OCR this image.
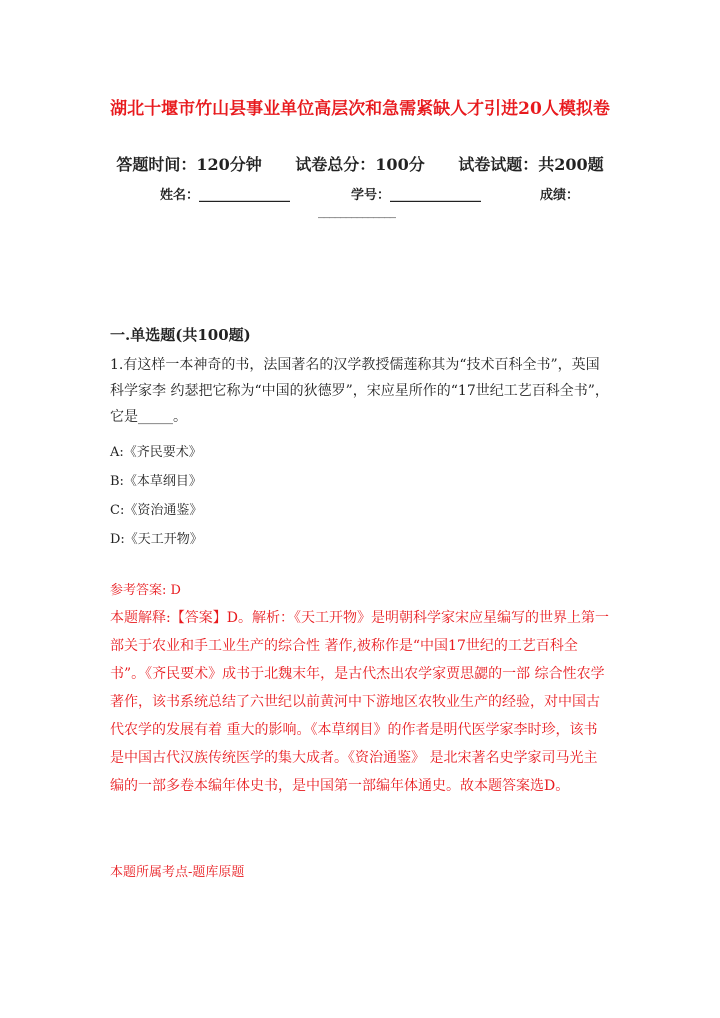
湖北十堰市竹山县事业单位高层次和急需紧缺人才引进20人模拟卷
答题时间：120分钟 试卷总分：100分 试卷试题：共200题
姓名：______________	学号：______________	成绩：
______________
一.单选题(共100题)
1.有这样一本神奇的书，法国著名的汉学教授儒莲称其为“技术百科全书”，英国科学家李 约瑟把它称为“中国的狄德罗”，宋应星所作的“17世纪工艺百科全书”，它是_____。
A:《齐民要术》
B:《本草纲目》
C:《资治通鉴》
D:《天工开物》
参考答案: D
本题解释:【答案】D。解析：《天工开物》是明朝科学家宋应星编写的世界上第一部关于农业和手工业生产的综合性 著作,被称作是“中国17世纪的工艺百科全书”。《齐民要术》成书于北魏末年，是古代杰出农学家贾思勰的一部 综合性农学著作，该书系统总结了六世纪以前黄河中下游地区农牧业生产的经验，对中国古代农学的发展有着 重大的影响。《本草纲目》的作者是明代医学家李时珍，该书是中国古代汉族传统医学的集大成者。《资治通鉴》 是北宋著名史学家司马光主编的一部多卷本编年体史书，是中国第一部编年体通史。故本题答案选D。
本题所属考点-题库原题
